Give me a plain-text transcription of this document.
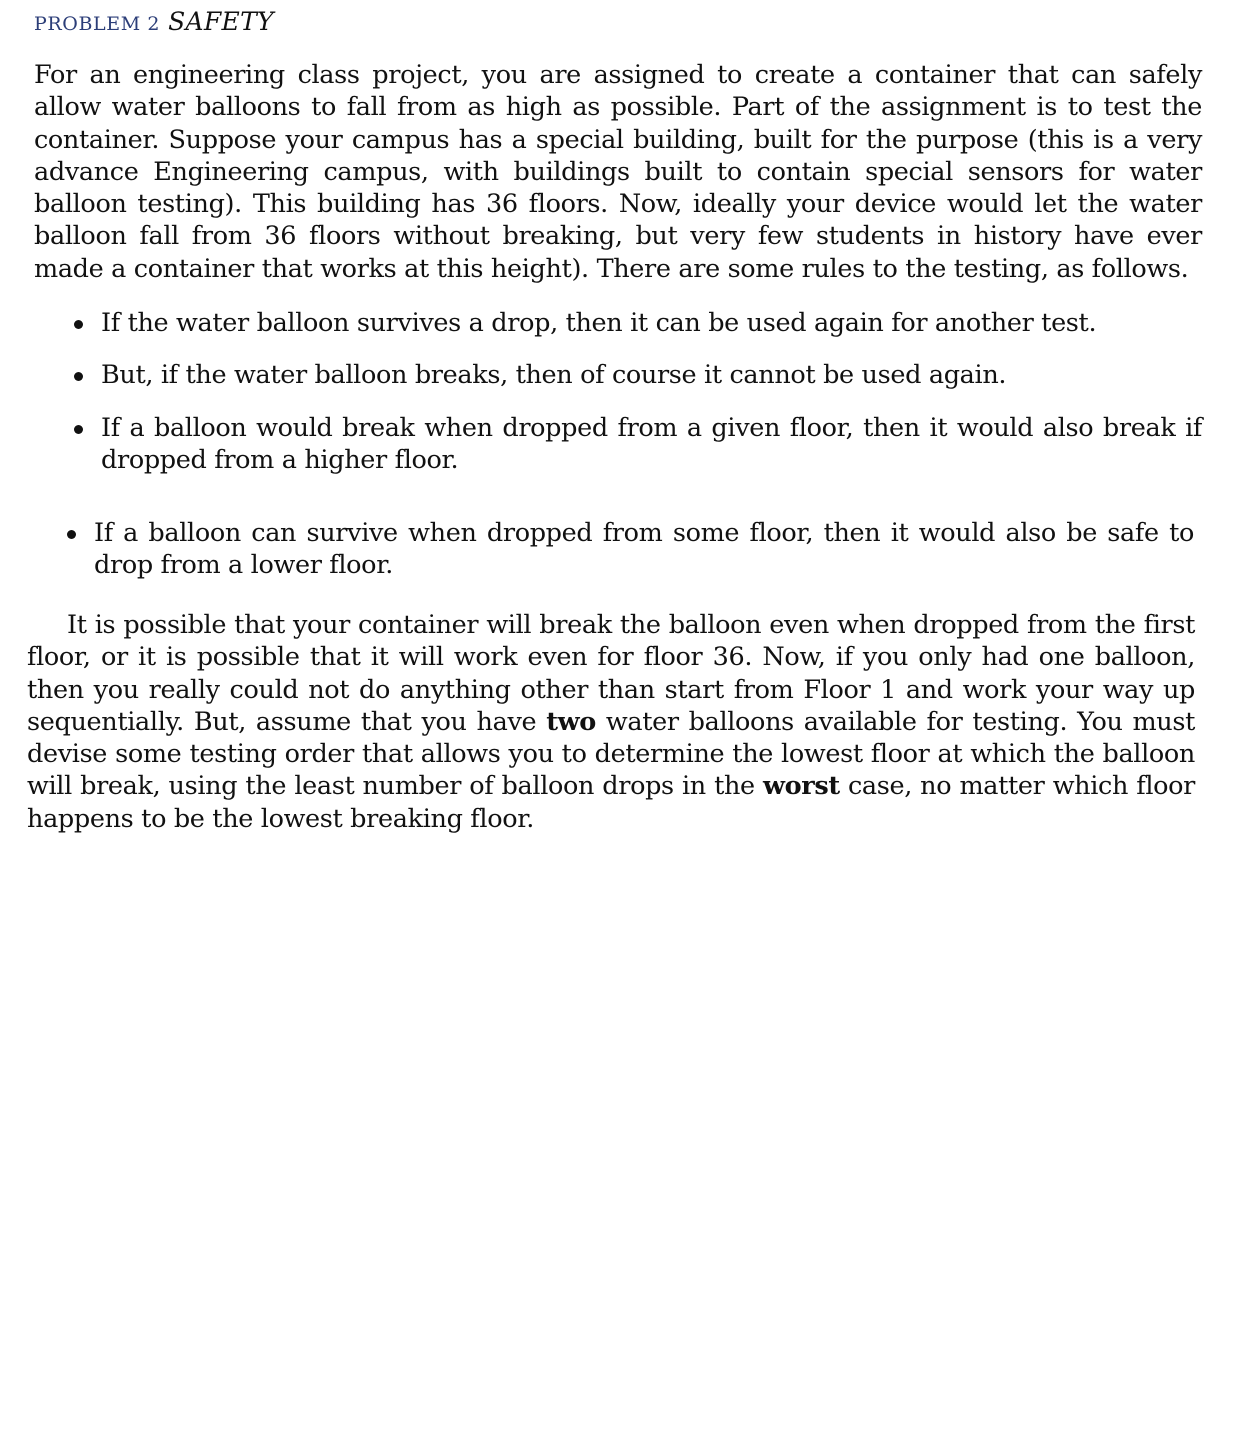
PROBLEM 2 SAFETY

For an engineering class project, you are assigned to create a container that can safely allow water balloons to fall from as high as possible. Part of the assignment is to test the container. Suppose your campus has a special building, built for the purpose (this is a very advance Engineering campus, with buildings built to contain special sensors for water balloon testing). This building has 36 floors. Now, ideally your device would let the water balloon fall from 36 floors without breaking, but very few students in history have ever made a container that works at this height). There are some rules to the testing, as follows.

If the water balloon survives a drop, then it can be used again for another test.
But, if the water balloon breaks, then of course it cannot be used again.
If a balloon would break when dropped from a given floor, then it would also break if dropped from a higher floor.
If a balloon can survive when dropped from some floor, then it would also be safe to drop from a lower floor.

It is possible that your container will break the balloon even when dropped from the first floor, or it is possible that it will work even for floor 36. Now, if you only had one balloon, then you really could not do anything other than start from Floor 1 and work your way up sequentially. But, assume that you have two water balloons available for testing. You must devise some testing order that allows you to determine the lowest floor at which the balloon will break, using the least number of balloon drops in the worst case, no matter which floor happens to be the lowest breaking floor.
